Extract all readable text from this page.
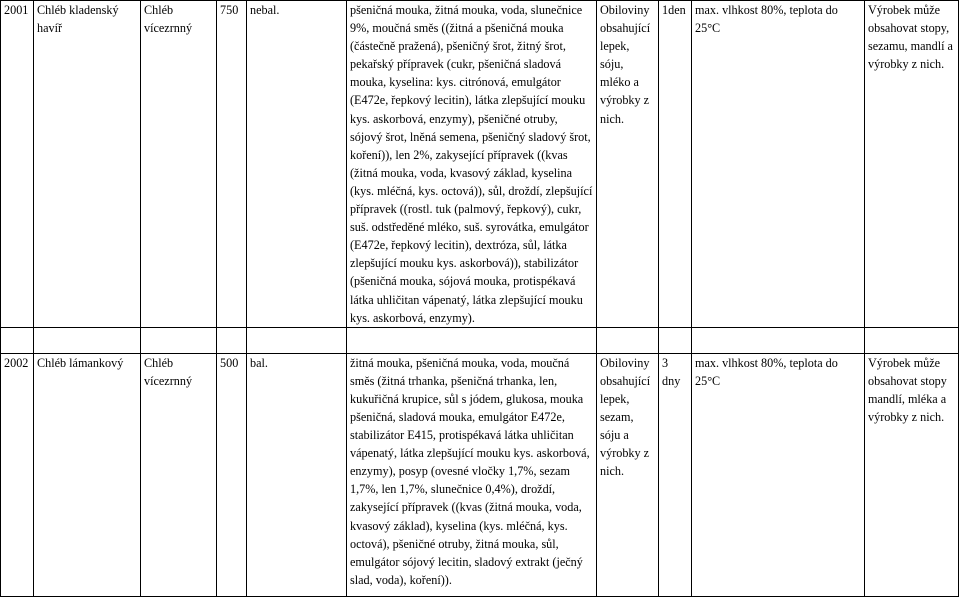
2001	Chléb kladenský havíř	Chléb vícezrnný	750	nebal.	pšeničná mouka, žitná mouka, voda, slunečnice 9%, moučná směs ((žitná a pšeničná mouka (částečně pražená), pšeničný šrot, žitný šrot, pekařský přípravek (cukr, pšeničná sladová mouka, kyselina: kys. citrónová, emulgátor (E472e, řepkový lecitin), látka zlepšující mouku kys. askorbová, enzymy), pšeničné otruby, sójový šrot, lněná semena, pšeničný sladový šrot, koření)), len 2%, zakysející přípravek ((kvas (žitná mouka, voda, kvasový základ, kyselina (kys. mléčná, kys. octová)), sůl, droždí, zlepšující přípravek ((rostl. tuk (palmový, řepkový), cukr, suš. odstředěné mléko, suš. syrovátka, emulgátor (E472e, řepkový lecitin), dextróza, sůl, látka zlepšující mouku kys. askorbová)), stabilizátor (pšeničná mouka, sójová mouka, protispékavá látka uhličitan vápenatý, látka zlepšující mouku kys. askorbová, enzymy).	Obiloviny obsahující lepek, sóju, mléko a výrobky z nich.	1den	max. vlhkost 80%, teplota do 25°C	Výrobek může obsahovat stopy, sezamu, mandlí a výrobky z nich.

2002	Chléb lámankový	Chléb vícezrnný	500	bal.	žitná mouka, pšeničná mouka, voda, moučná směs (žitná trhanka, pšeničná trhanka, len, kukuřičná krupice, sůl s jódem, glukosa, mouka pšeničná, sladová mouka, emulgátor E472e, stabilizátor E415, protispékavá látka uhličitan vápenatý, látka zlepšující mouku kys. askorbová, enzymy), posyp (ovesné vločky 1,7%, sezam 1,7%, len 1,7%, slunečnice 0,4%), droždí, zakysející přípravek ((kvas (žitná mouka, voda, kvasový základ), kyselina (kys. mléčná, kys. octová), pšeničné otruby, žitná mouka, sůl, emulgátor sójový lecitin, sladový extrakt (ječný slad, voda), koření)).	Obiloviny obsahující lepek, sezam, sóju a výrobky z nich.	3 dny	max. vlhkost 80%, teplota do 25°C	Výrobek může obsahovat stopy mandlí, mléka a výrobky z nich.
